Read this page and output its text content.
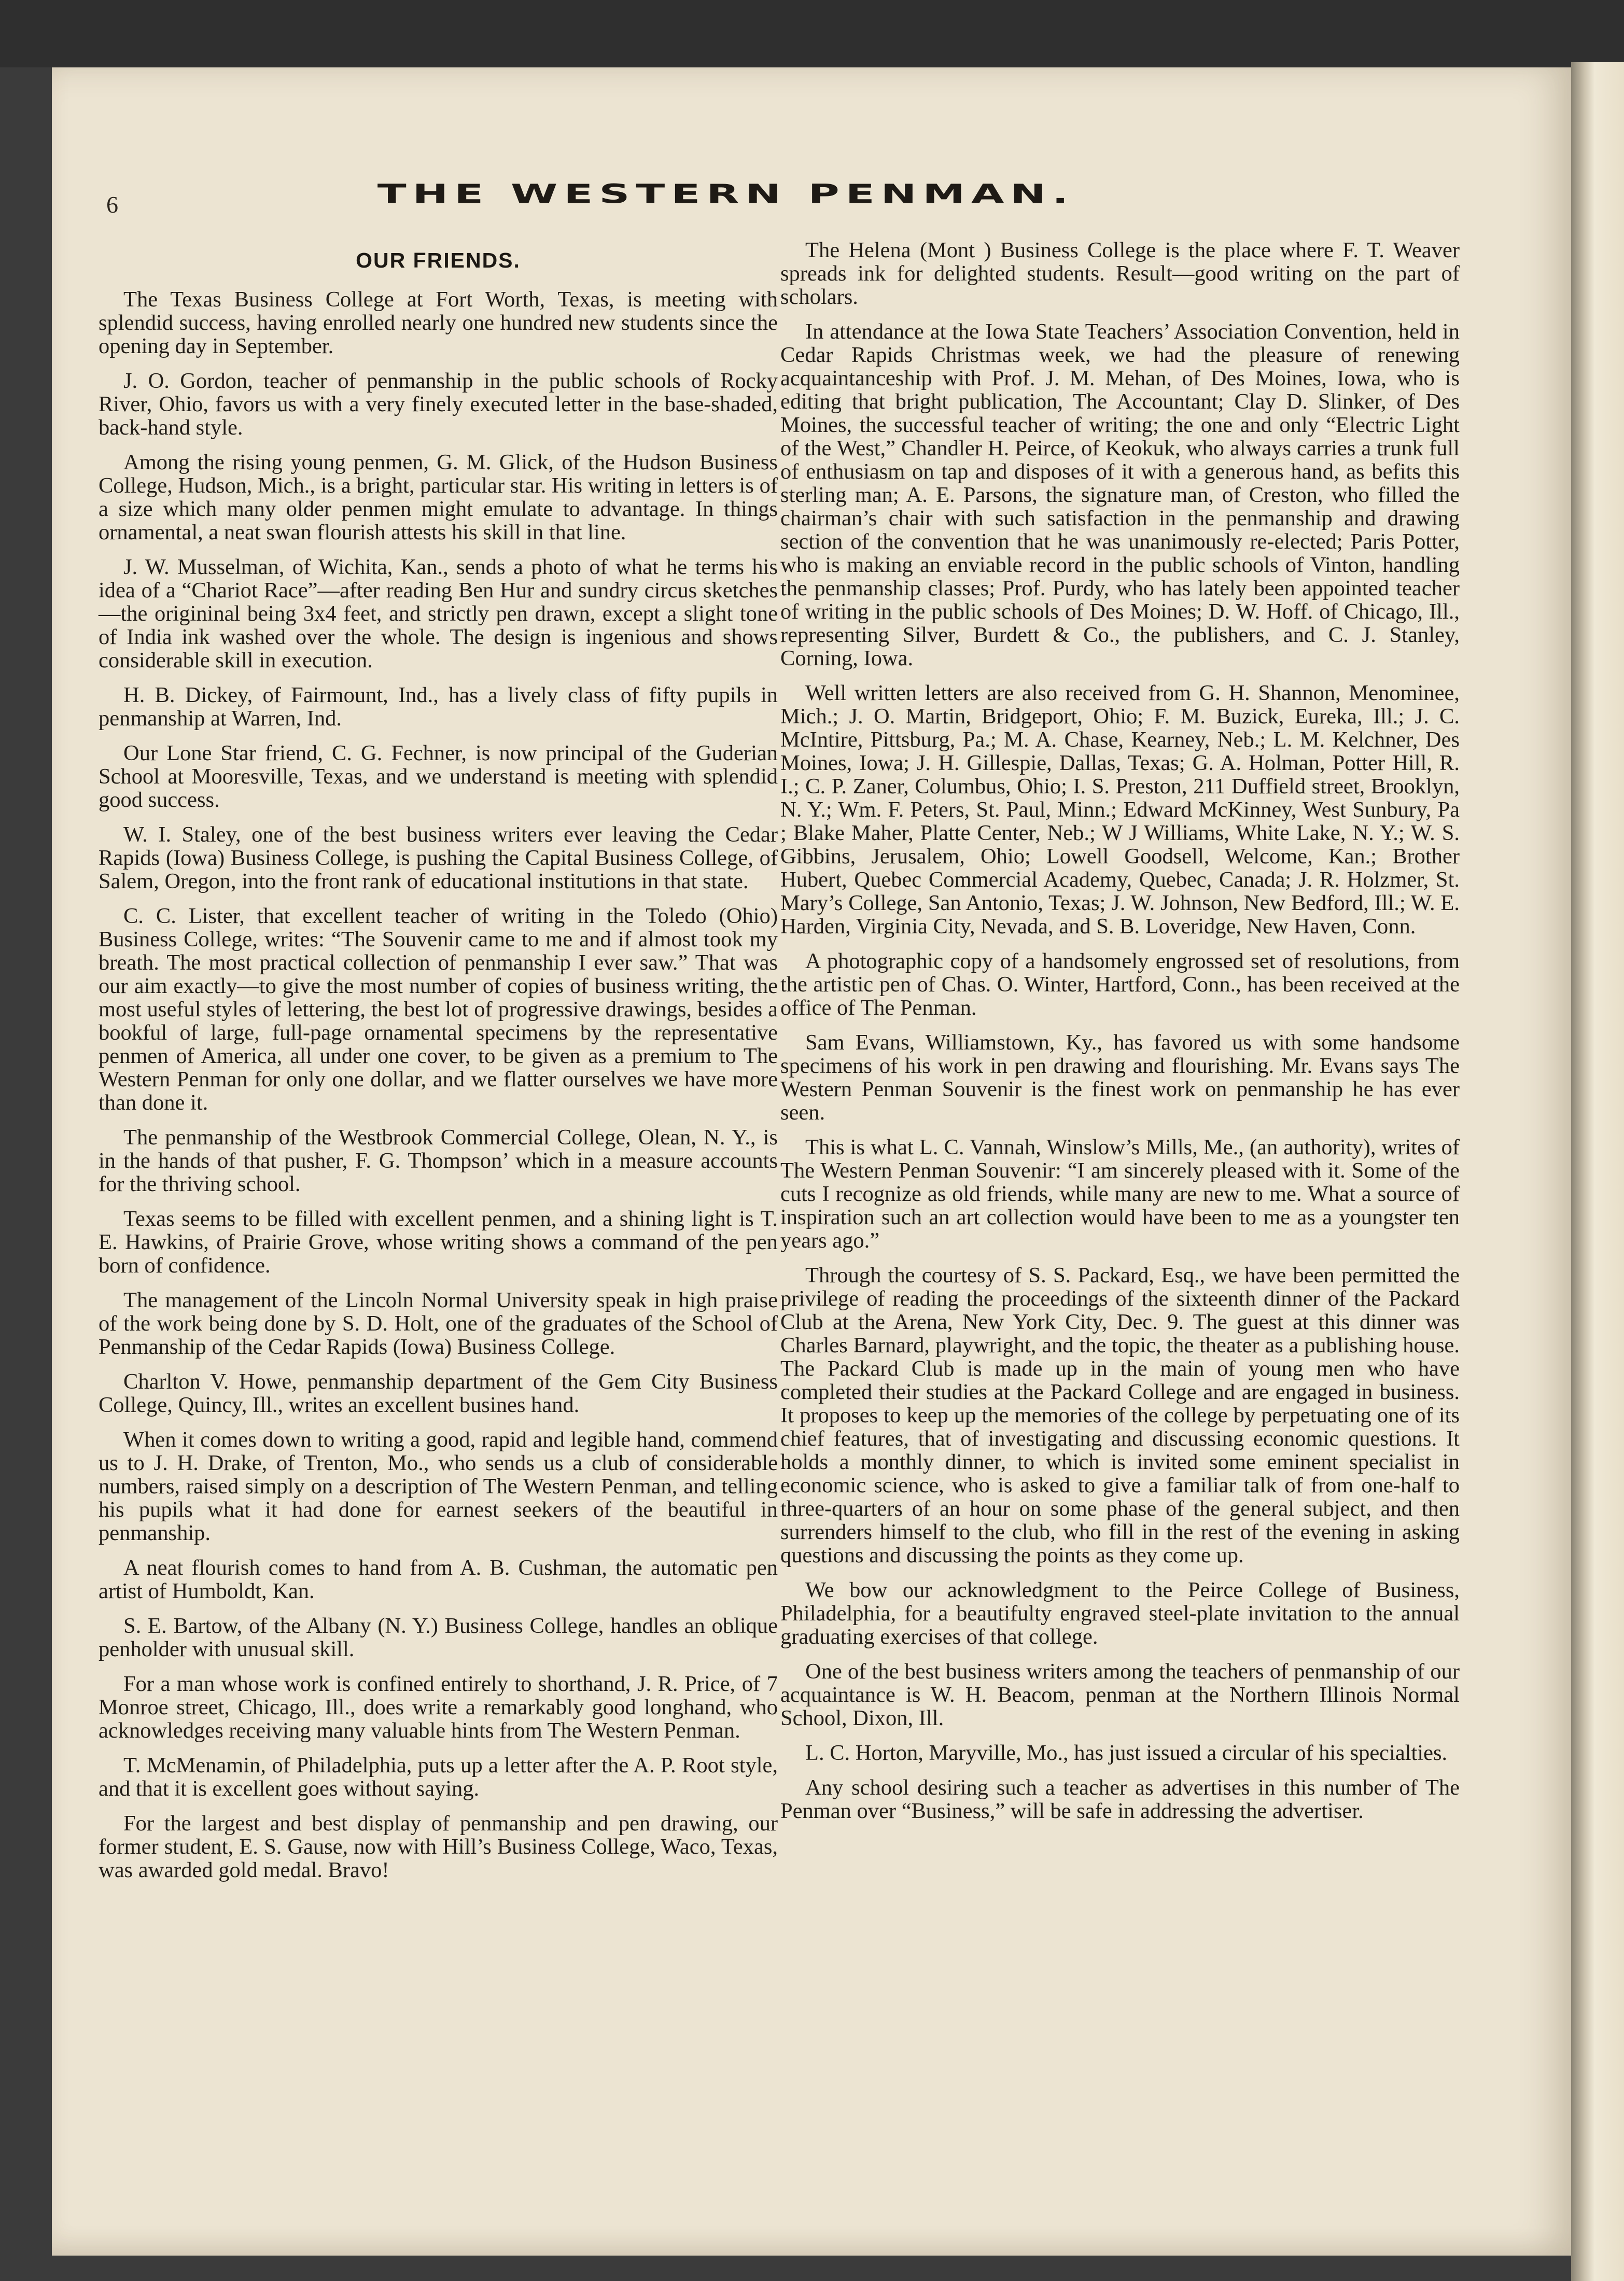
6	THE WESTERN PENMAN.
OUR FRIENDS.

The Texas Business College at Fort Worth, Texas, is meeting with splendid success, having enrolled nearly one hundred new students since the opening day in September.

J. O. Gordon, teacher of penmanship in the public schools of Rocky River, Ohio, favors us with a very finely executed letter in the base-shaded, back-hand style.

Among the rising young penmen, G. M. Glick, of the Hudson Business College, Hudson, Mich., is a bright, particular star. His writing in letters is of a size which many older penmen might emulate to advantage. In things ornamental, a neat swan flourish attests his skill in that line.

J. W. Musselman, of Wichita, Kan., sends a photo of what he terms his idea of a “Chariot Race”—after reading Ben Hur and sundry circus sketches—the origininal being 3x4 feet, and strictly pen drawn, except a slight tone of India ink washed over the whole. The design is ingenious and shows considerable skill in execution.

H. B. Dickey, of Fairmount, Ind., has a lively class of fifty pupils in penmanship at Warren, Ind.

Our Lone Star friend, C. G. Fechner, is now principal of the Guderian School at Mooresville, Texas, and we understand is meeting with splendid good success.

W. I. Staley, one of the best business writers ever leaving the Cedar Rapids (Iowa) Business College, is pushing the Capital Business College, of Salem, Oregon, into the front rank of educational institutions in that state.

C. C. Lister, that excellent teacher of writing in the Toledo (Ohio) Business College, writes: “The Souvenir came to me and if almost took my breath. The most practical collection of penmanship I ever saw.” That was our aim exactly—to give the most number of copies of business writing, the most useful styles of lettering, the best lot of progressive drawings, besides a bookful of large, full-page ornamental specimens by the representative penmen of America, all under one cover, to be given as a premium to The Western Penman for only one dollar, and we flatter ourselves we have more than done it.

The penmanship of the Westbrook Commercial College, Olean, N. Y., is in the hands of that pusher, F. G. Thompson’ which in a measure accounts for the thriving school.

Texas seems to be filled with excellent penmen, and a shining light is T. E. Hawkins, of Prairie Grove, whose writing shows a command of the pen born of confidence.

The management of the Lincoln Normal University speak in high praise of the work being done by S. D. Holt, one of the graduates of the School of Penmanship of the Cedar Rapids (Iowa) Business College.

Charlton V. Howe, penmanship department of the Gem City Business College, Quincy, Ill., writes an excellent busines hand.

When it comes down to writing a good, rapid and legible hand, commend us to J. H. Drake, of Trenton, Mo., who sends us a club of considerable numbers, raised simply on a description of The Western Penman, and telling his pupils what it had done for earnest seekers of the beautiful in penmanship.

A neat flourish comes to hand from A. B. Cushman, the automatic pen artist of Humboldt, Kan.

S. E. Bartow, of the Albany (N. Y.) Business College, handles an oblique penholder with unusual skill.

For a man whose work is confined entirely to shorthand, J. R. Price, of 7 Monroe street, Chicago, Ill., does write a remarkably good longhand, who acknowledges receiving many valuable hints from The Western Penman.

T. McMenamin, of Philadelphia, puts up a letter after the A. P. Root style, and that it is excellent goes without saying.

For the largest and best display of penmanship and pen drawing, our former student, E. S. Gause, now with Hill’s Business College, Waco, Texas, was awarded gold medal. Bravo!

The Helena (Mont ) Business College is the place where F. T. Weaver spreads ink for delighted students. Result—good writing on the part of scholars.

In attendance at the Iowa State Teachers’ Association Convention, held in Cedar Rapids Christmas week, we had the pleasure of renewing acquaintanceship with Prof. J. M. Mehan, of Des Moines, Iowa, who is editing that bright publication, The Accountant; Clay D. Slinker, of Des Moines, the successful teacher of writing; the one and only “Electric Light of the West,” Chandler H. Peirce, of Keokuk, who always carries a trunk full of enthusiasm on tap and disposes of it with a generous hand, as befits this sterling man; A. E. Parsons, the signature man, of Creston, who filled the chairman’s chair with such satisfaction in the penmanship and drawing section of the convention that he was unanimously re-elected; Paris Potter, who is making an enviable record in the public schools of Vinton, handling the penmanship classes; Prof. Purdy, who has lately been appointed teacher of writing in the public schools of Des Moines; D. W. Hoff. of Chicago, Ill., representing Silver, Burdett & Co., the publishers, and C. J. Stanley, Corning, Iowa.

Well written letters are also received from G. H. Shannon, Menominee, Mich.; J. O. Martin, Bridgeport, Ohio; F. M. Buzick, Eureka, Ill.; J. C. McIntire, Pittsburg, Pa.; M. A. Chase, Kearney, Neb.; L. M. Kelchner, Des Moines, Iowa; J. H. Gillespie, Dallas, Texas; G. A. Holman, Potter Hill, R. I.; C. P. Zaner, Columbus, Ohio; I. S. Preston, 211 Duffield street, Brooklyn, N. Y.; Wm. F. Peters, St. Paul, Minn.; Edward McKinney, West Sunbury, Pa ; Blake Maher, Platte Center, Neb.; W J Williams, White Lake, N. Y.; W. S. Gibbins, Jerusalem, Ohio; Lowell Goodsell, Welcome, Kan.; Brother Hubert, Quebec Commercial Academy, Quebec, Canada; J. R. Holzmer, St. Mary’s College, San Antonio, Texas; J. W. Johnson, New Bedford, Ill.; W. E. Harden, Virginia City, Nevada, and S. B. Loveridge, New Haven, Conn.

A photographic copy of a handsomely engrossed set of resolutions, from the artistic pen of Chas. O. Winter, Hartford, Conn., has been received at the office of The Penman.

Sam Evans, Williamstown, Ky., has favored us with some handsome specimens of his work in pen drawing and flourishing. Mr. Evans says The Western Penman Souvenir is the finest work on penmanship he has ever seen.

This is what L. C. Vannah, Winslow’s Mills, Me., (an authority), writes of The Western Penman Souvenir: “I am sincerely pleased with it. Some of the cuts I recognize as old friends, while many are new to me. What a source of inspiration such an art collection would have been to me as a youngster ten years ago.”

Through the courtesy of S. S. Packard, Esq., we have been permitted the privilege of reading the proceedings of the sixteenth dinner of the Packard Club at the Arena, New York City, Dec. 9. The guest at this dinner was Charles Barnard, playwright, and the topic, the theater as a publishing house. The Packard Club is made up in the main of young men who have completed their studies at the Packard College and are engaged in business. It proposes to keep up the memories of the college by perpetuating one of its chief features, that of investigating and discussing economic questions. It holds a monthly dinner, to which is invited some eminent specialist in economic science, who is asked to give a familiar talk of from one-half to three-quarters of an hour on some phase of the general subject, and then surrenders himself to the club, who fill in the rest of the evening in asking questions and discussing the points as they come up.

We bow our acknowledgment to the Peirce College of Business, Philadelphia, for a beautifulty engraved steel-plate invitation to the annual graduating exercises of that college.

One of the best business writers among the teachers of penmanship of our acquaintance is W. H. Beacom, penman at the Northern Illinois Normal School, Dixon, Ill.

L. C. Horton, Maryville, Mo., has just issued a circular of his specialties.

Any school desiring such a teacher as advertises in this number of The Penman over “Business,” will be safe in addressing the advertiser.
